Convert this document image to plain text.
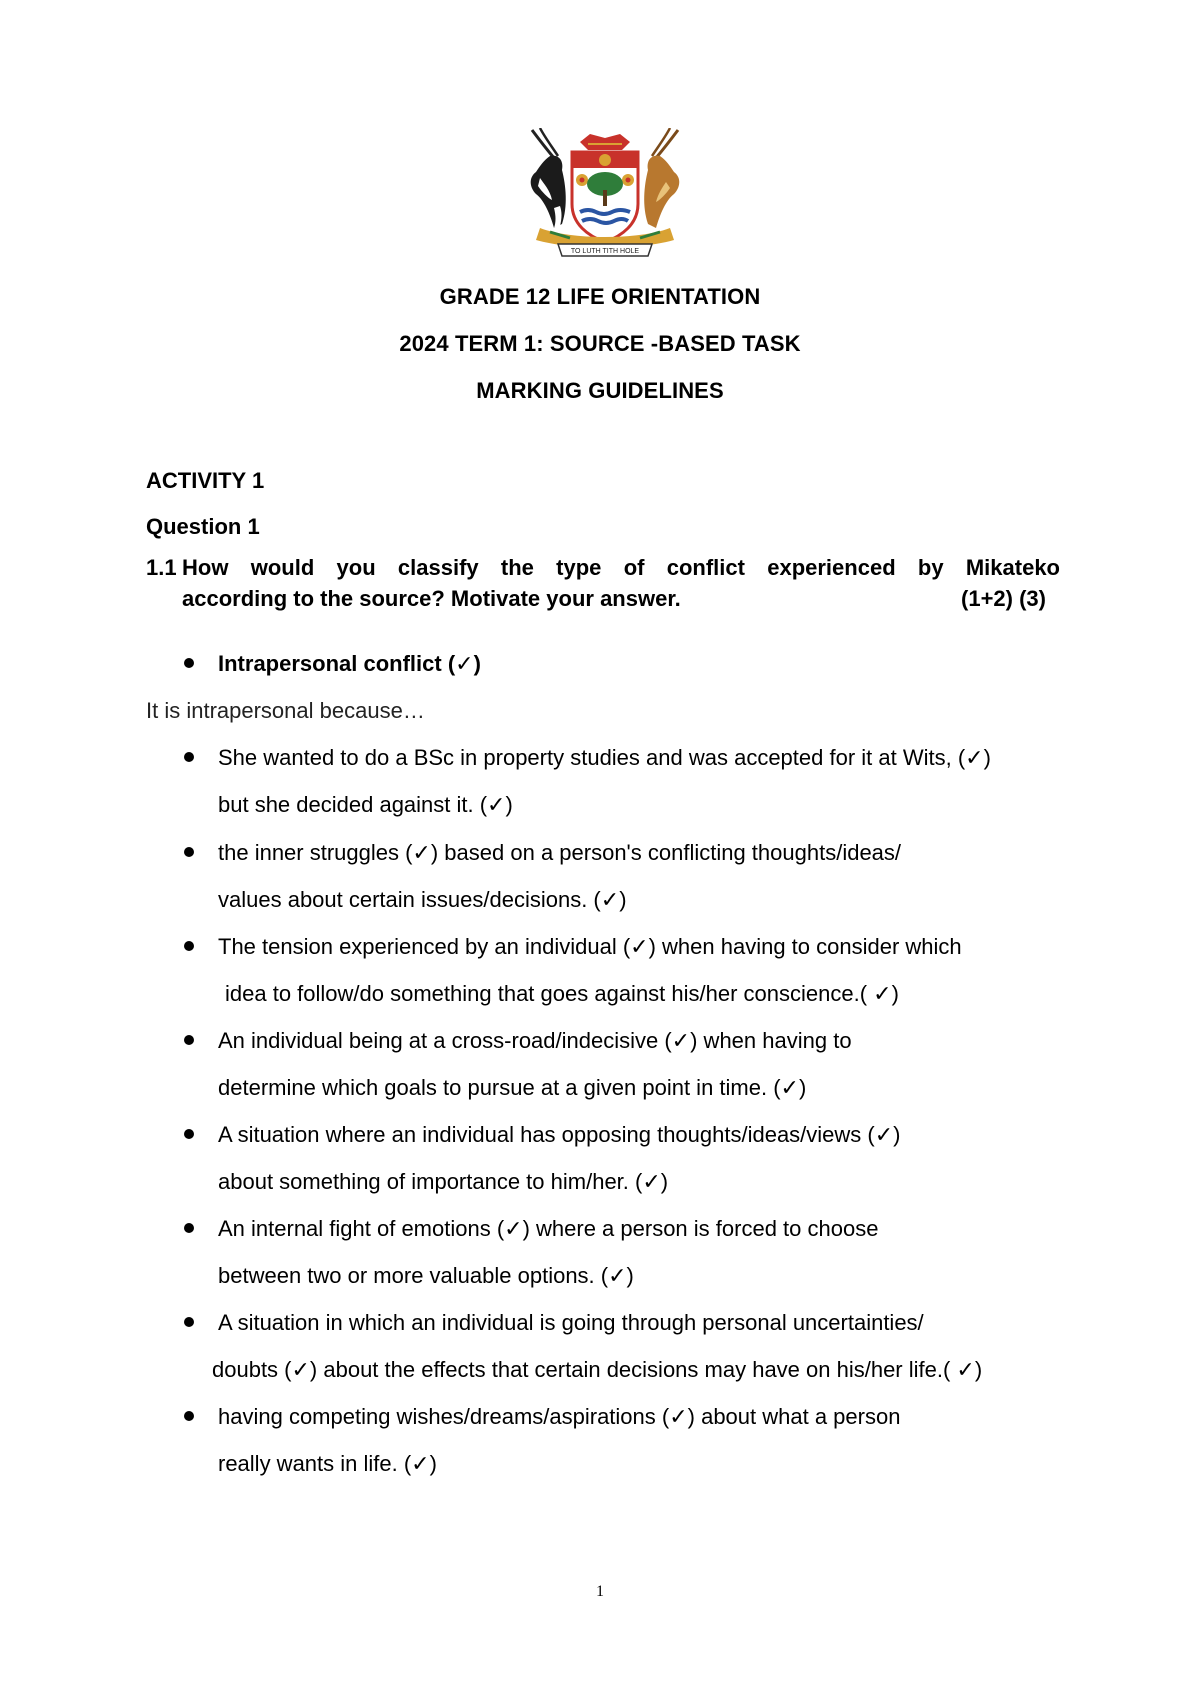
TO LUTH TITH HOLE
GRADE 12 LIFE ORIENTATION
2024 TERM 1: SOURCE -BASED TASK
MARKING GUIDELINES
ACTIVITY 1
Question 1
1.1 How would you classify the type of conflict experienced by Mikateko
according to the source? Motivate your answer.	(1+2) (3)
Intrapersonal conflict (✓)
It is intrapersonal because…
She wanted to do a BSc in property studies and was accepted for it at Wits, (✓)
but she decided against it. (✓)
the inner struggles (✓) based on a person's conflicting thoughts/ideas/
values about certain issues/decisions. (✓)
The tension experienced by an individual (✓) when having to consider which
idea to follow/do something that goes against his/her conscience.( ✓)
An individual being at a cross-road/indecisive (✓) when having to
determine which goals to pursue at a given point in time. (✓)
A situation where an individual has opposing thoughts/ideas/views (✓)
about something of importance to him/her. (✓)
An internal fight of emotions (✓) where a person is forced to choose
between two or more valuable options. (✓)
A situation in which an individual is going through personal uncertainties/
doubts (✓) about the effects that certain decisions may have on his/her life.( ✓)
having competing wishes/dreams/aspirations (✓) about what a person
really wants in life. (✓)
1
